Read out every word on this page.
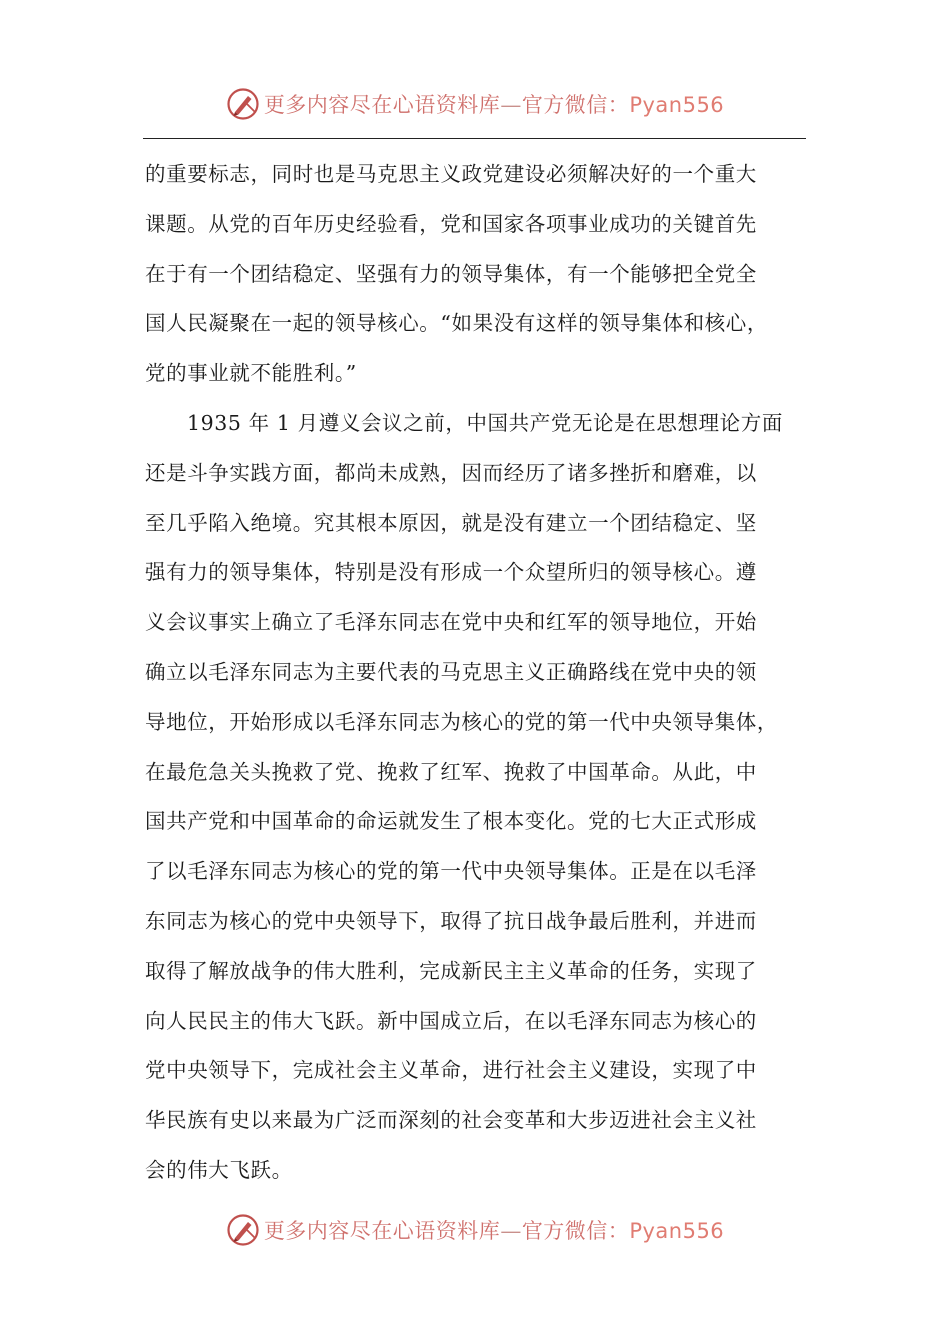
更多内容尽在心语资料库—官方微信：Pyan556
的重要标志，同时也是马克思主义政党建设必须解决好的一个重大
课题。从党的百年历史经验看，党和国家各项事业成功的关键首先
在于有一个团结稳定、坚强有力的领导集体，有一个能够把全党全
国人民凝聚在一起的领导核心。“如果没有这样的领导集体和核心，
党的事业就不能胜利。”
1935 年 1 月遵义会议之前，中国共产党无论是在思想理论方面
还是斗争实践方面，都尚未成熟，因而经历了诸多挫折和磨难，以
至几乎陷入绝境。究其根本原因，就是没有建立一个团结稳定、坚
强有力的领导集体，特别是没有形成一个众望所归的领导核心。遵
义会议事实上确立了毛泽东同志在党中央和红军的领导地位，开始
确立以毛泽东同志为主要代表的马克思主义正确路线在党中央的领
导地位，开始形成以毛泽东同志为核心的党的第一代中央领导集体，
在最危急关头挽救了党、挽救了红军、挽救了中国革命。从此，中
国共产党和中国革命的命运就发生了根本变化。党的七大正式形成
了以毛泽东同志为核心的党的第一代中央领导集体。正是在以毛泽
东同志为核心的党中央领导下，取得了抗日战争最后胜利，并进而
取得了解放战争的伟大胜利，完成新民主主义革命的任务，实现了
向人民民主的伟大飞跃。新中国成立后，在以毛泽东同志为核心的
党中央领导下，完成社会主义革命，进行社会主义建设，实现了中
华民族有史以来最为广泛而深刻的社会变革和大步迈进社会主义社
会的伟大飞跃。
更多内容尽在心语资料库—官方微信：Pyan556
